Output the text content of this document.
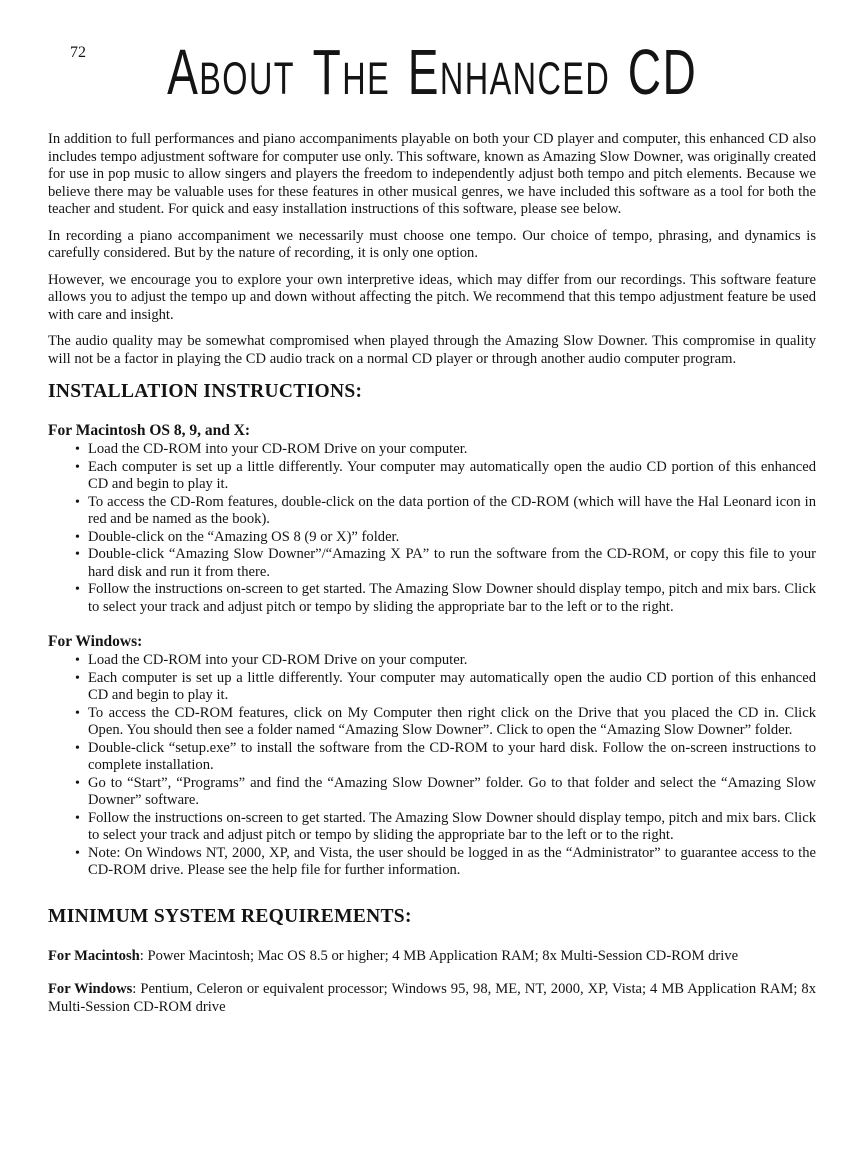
72	ABOUT THE ENHANCED CD

In addition to full performances and piano accompaniments playable on both your CD player and computer, this enhanced CD also includes tempo adjustment software for computer use only. This software, known as Amazing Slow Downer, was originally created for use in pop music to allow singers and players the freedom to independently adjust both tempo and pitch elements. Because we believe there may be valuable uses for these features in other musical genres, we have included this software as a tool for both the teacher and student. For quick and easy installation instructions of this software, please see below.

In recording a piano accompaniment we necessarily must choose one tempo. Our choice of tempo, phrasing, and dynamics is carefully considered. But by the nature of recording, it is only one option.

However, we encourage you to explore your own interpretive ideas, which may differ from our recordings. This software feature allows you to adjust the tempo up and down without affecting the pitch. We recommend that this tempo adjustment feature be used with care and insight.

The audio quality may be somewhat compromised when played through the Amazing Slow Downer. This compromise in quality will not be a factor in playing the CD audio track on a normal CD player or through another audio computer program.

INSTALLATION INSTRUCTIONS:
For Macintosh OS 8, 9, and X:
• Load the CD-ROM into your CD-ROM Drive on your computer.
• Each computer is set up a little differently. Your computer may automatically open the audio CD portion of this enhanced CD and begin to play it.
• To access the CD-Rom features, double-click on the data portion of the CD-ROM (which will have the Hal Leonard icon in red and be named as the book).
• Double-click on the “Amazing OS 8 (9 or X)” folder.
• Double-click “Amazing Slow Downer”/“Amazing X PA” to run the software from the CD-ROM, or copy this file to your hard disk and run it from there.
• Follow the instructions on-screen to get started. The Amazing Slow Downer should display tempo, pitch and mix bars. Click to select your track and adjust pitch or tempo by sliding the appropriate bar to the left or to the right.
For Windows:
• Load the CD-ROM into your CD-ROM Drive on your computer.
• Each computer is set up a little differently. Your computer may automatically open the audio CD portion of this enhanced CD and begin to play it.
• To access the CD-ROM features, click on My Computer then right click on the Drive that you placed the CD in. Click Open. You should then see a folder named “Amazing Slow Downer”. Click to open the “Amazing Slow Downer” folder.
• Double-click “setup.exe” to install the software from the CD-ROM to your hard disk. Follow the on-screen instructions to complete installation.
• Go to “Start”, “Programs” and find the “Amazing Slow Downer” folder. Go to that folder and select the “Amazing Slow Downer” software.
• Follow the instructions on-screen to get started. The Amazing Slow Downer should display tempo, pitch and mix bars. Click to select your track and adjust pitch or tempo by sliding the appropriate bar to the left or to the right.
• Note: On Windows NT, 2000, XP, and Vista, the user should be logged in as the “Administrator” to guarantee access to the CD-ROM drive. Please see the help file for further information.
MINIMUM SYSTEM REQUIREMENTS:

For Macintosh: Power Macintosh; Mac OS 8.5 or higher; 4 MB Application RAM; 8x Multi-Session CD-ROM drive

For Windows: Pentium, Celeron or equivalent processor; Windows 95, 98, ME, NT, 2000, XP, Vista; 4 MB Application RAM; 8x Multi-Session CD-ROM drive
